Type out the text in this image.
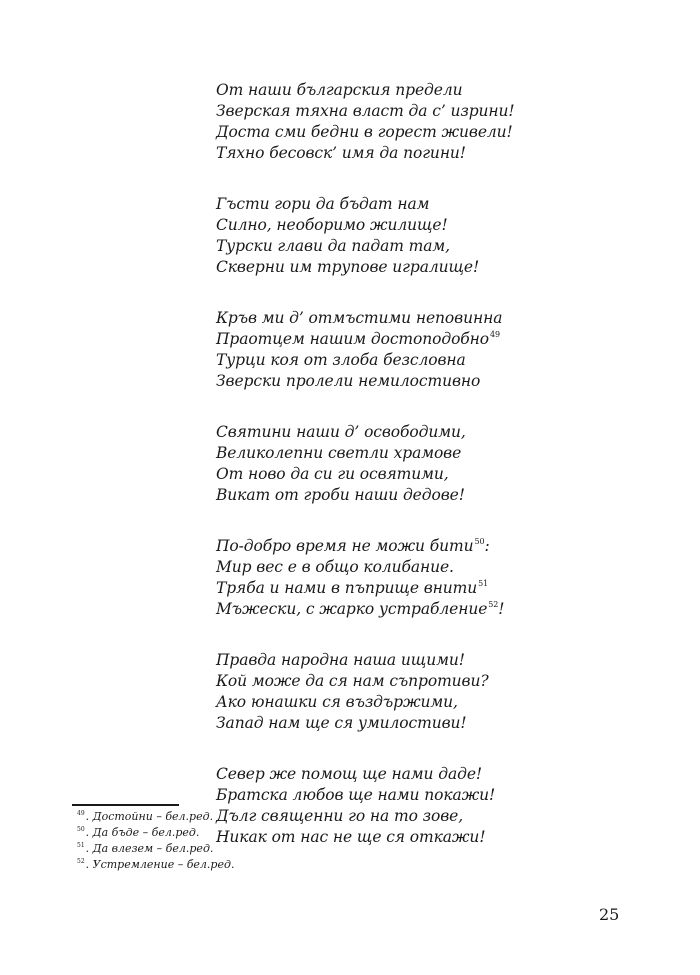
От наши българския предели
Зверская тяхна власт да с’ изрини!
Доста сми бедни в горест живели!
Тяхно бесовск’ имя да погини!
Гъсти гори да бъдат нам
Силно, необоримо жилище!
Турски глави да падат там,
Скверни им трупове игралище!
Кръв ми д’ отмъстими неповинна
Праотцем нашим достоподобно$^{49}$
Турци коя от злоба безсловна
Зверски пролели немилостивно
Святини наши д’ освободими,
Великолепни светли храмове
От ново да си ги освятими,
Викат от гроби наши дедове!
По-добро время не можи бити$^{50}$:
Мир вес е в общо колибание.
Тряба и нами в пъприще внити$^{51}$
Мъжески, с жарко устрабление$^{52}$!
Правда народна наша ищими!
Кой може да ся нам съпротиви?
Ако юнашки ся въздържими,
Запад нам ще ся умилостиви!
Север же помощ ще нами даде!
Братска любов ще нами покажи!
Дълг священни го на то зове,
Никак от нас не ще ся откажи!
$^{49}$. Достойни – бел.ред.
$^{50}$. Да бъде – бел.ред.
$^{51}$. Да влезем – бел.ред.
$^{52}$. Устремление – бел.ред.
25
